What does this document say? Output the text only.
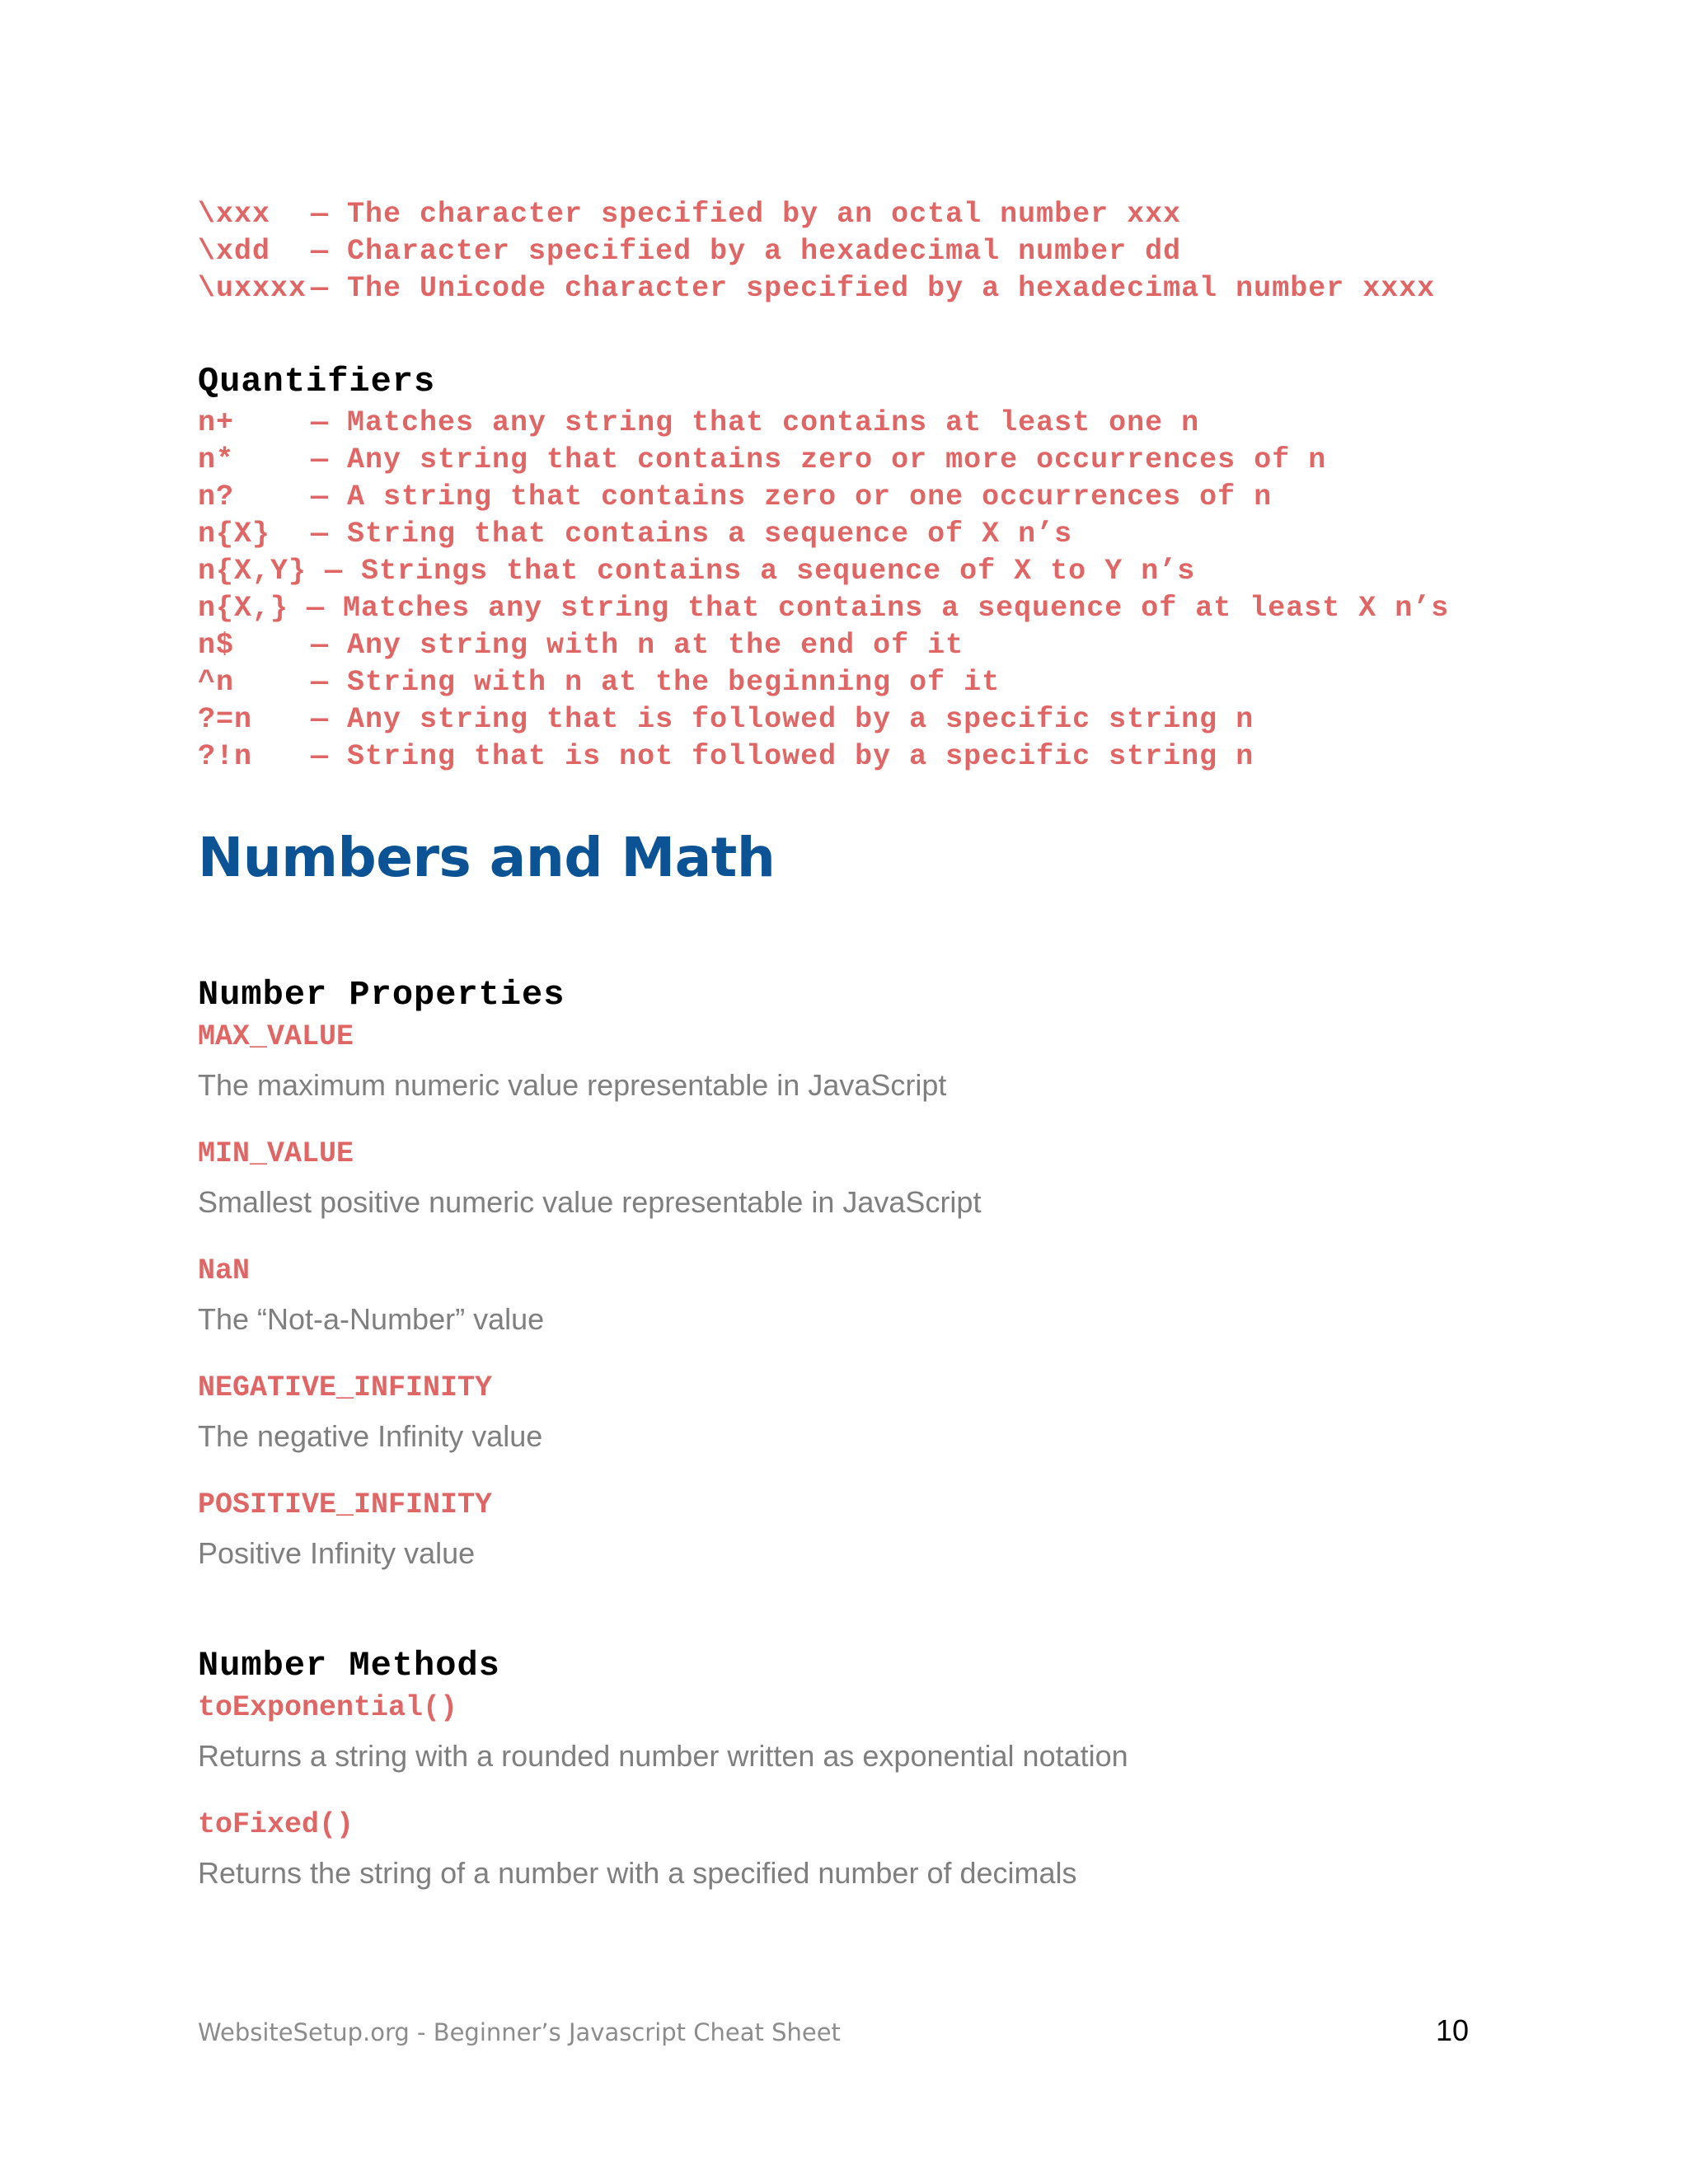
\xxx — The character specified by an octal number xxx
\xdd — Character specified by a hexadecimal number dd
\uxxxx — The Unicode character specified by a hexadecimal number xxxx
Quantifiers
n+	— Matches any string that contains at least one n
n*	— Any string that contains zero or more occurrences of n
n?	— A string that contains zero or one occurrences of n
n{X} — String that contains a sequence of X n’s
n{X,Y} — Strings that contains a sequence of X to Y n’s
n{X,} — Matches any string that contains a sequence of at least X n’s
n$	— Any string with n at the end of it
^n	— String with n at the beginning of it
?=n — Any string that is followed by a specific string n
?!n — String that is not followed by a specific string n
Numbers and Math
Number Properties
MAX_VALUE
The maximum numeric value representable in JavaScript
MIN_VALUE
Smallest positive numeric value representable in JavaScript
NaN
The “Not-a-Number” value
NEGATIVE_INFINITY
The negative Infinity value
POSITIVE_INFINITY
Positive Infinity value
Number Methods
toExponential()
Returns a string with a rounded number written as exponential notation
toFixed()
Returns the string of a number with a specified number of decimals
WebsiteSetup.org - Beginner’s Javascript Cheat Sheet	10
